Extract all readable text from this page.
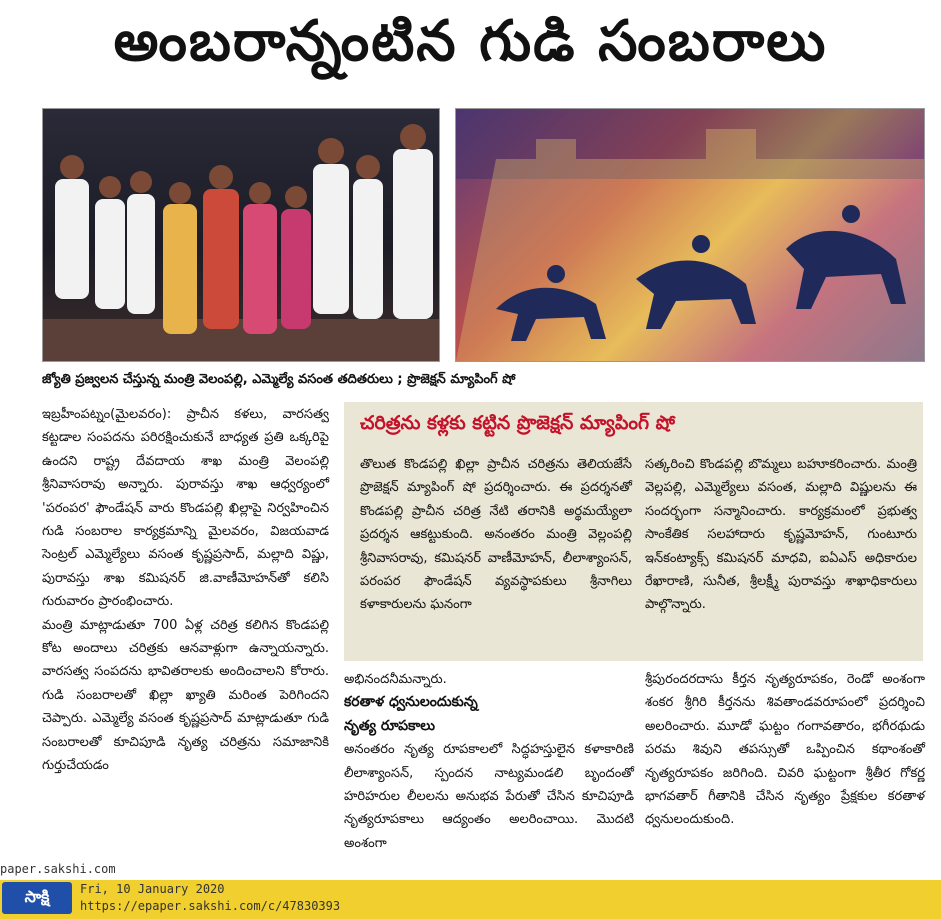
అంబరాన్నంటిన గుడి సంబరాలు
జ్యోతి ప్రజ్వలన చేస్తున్న మంత్రి వెలంపల్లి, ఎమ్మెల్యే వసంత తదితరులు ; ప్రొజెక్షన్ మ్యాపింగ్ షో

ఇబ్రహీంపట్నం(మైలవరం): ప్రాచీన కళలు, వారసత్వ కట్టడాల సంపదను పరిరక్షించుకునే బాధ్యత ప్రతి ఒక్కరిపై ఉందని రాష్ట్ర దేవదాయ శాఖ మంత్రి వెలంపల్లి శ్రీనివాసరావు అన్నారు. పురావస్తు శాఖ ఆధ్వర్యంలో 'పరంపర' ఫౌండేషన్ వారు కొండపల్లి ఖిల్లాపై నిర్వహించిన గుడి సంబరాల కార్యక్రమాన్ని మైలవరం, విజయవాడ సెంట్రల్ ఎమ్మెల్యేలు వసంత కృష్ణప్రసాద్, మల్లాది విష్ణు, పురావస్తు శాఖ కమిషనర్ జి.వాణీమోహన్‌తో కలిసి గురువారం ప్రారంభించారు.

మంత్రి మాట్లాడుతూ 700 ఏళ్ల చరిత్ర కలిగిన కొండపల్లి కోట అందాలు చరిత్రకు ఆనవాళ్లుగా ఉన్నాయన్నారు. వారసత్వ సంపదను భావితరాలకు అందించాలని కోరారు. గుడి సంబరాలతో ఖిల్లా ఖ్యాతి మరింత పెరిగిందని చెప్పారు. ఎమ్మెల్యే వసంత కృష్ణప్రసాద్ మాట్లాడుతూ గుడి సంబరాలతో కూచిపూడి నృత్య చరిత్రను సమాజానికి గుర్తుచేయడం

చరిత్రను కళ్లకు కట్టిన ప్రొజెక్షన్ మ్యాపింగ్ షో
తొలుత కొండపల్లి ఖిల్లా ప్రాచీన చరిత్రను తెలియజేసే ప్రొజెక్షన్ మ్యాపింగ్ షో ప్రదర్శించారు. ఈ ప్రదర్శనతో కొండపల్లి ప్రాచీన చరిత్ర నేటి తరానికి అర్థమయ్యేలా ప్రదర్శన ఆకట్టుకుంది. అనంతరం మంత్రి వెల్లంపల్లి శ్రీనివాసరావు, కమిషనర్ వాణీమోహన్, లీలాశ్యాంసన్, పరంపర ఫౌండేషన్ వ్యవస్థాపకులు శ్రీనాగిలు కళాకారులను ఘనంగా
సత్కరించి కొండపల్లి బొమ్మలు బహూకరించారు. మంత్రి వెల్లపల్లి, ఎమ్మెల్యేలు వసంత, మల్లాది విష్ణులను ఈ సందర్భంగా సన్మానించారు. కార్యక్రమంలో ప్రభుత్వ సాంకేతిక సలహాదారు కృష్ణమోహన్, గుంటూరు ఇన్‌కంట్యాక్స్ కమిషనర్ మాధవి, ఐఏఎస్ అధికారుల రేఖారాణి, సునీత, శ్రీలక్ష్మీ పురావస్తు శాఖాధికారులు పాల్గొన్నారు.
అభినందనీమన్నారు.
కరతాళ ధ్వనులందుకున్న
నృత్య రూపకాలు
అనంతరం నృత్య రూపకాలలో సిద్ధహస్తులైన కళాకారిణి లీలాశ్యాంసన్, స్పందన నాట్యమండలి బృందంతో హరిహరుల లీలలను అనుభవ పేరుతో చేసిన కూచిపూడి నృత్యరూపకాలు ఆద్యంతం అలరించాయి. మొదటి అంశంగా
శ్రీపురందరదాసు కీర్తన నృత్యరూపకం, రెండో అంశంగా శంకర శ్రీగిరి కీర్తనను శివతాండవరూపంలో ప్రదర్శించి అలరించారు. మూడో ఘట్టం గంగావతారం, భగీరథుడు పరమ శివుని తపస్సుతో ఒప్పించిన కథాంశంతో నృత్యరూపకం జరిగింది. చివరి ఘట్టంగా శ్రీతీర గోకర్ణ భాగవతార్ గీతానికి చేసిన నృత్యం ప్రేక్షకుల కరతాళ ధ్వనులందుకుంది.
paper.sakshi.com
సాక్షి	Fri, 10 January 2020
https://epaper.sakshi.com/c/47830393
